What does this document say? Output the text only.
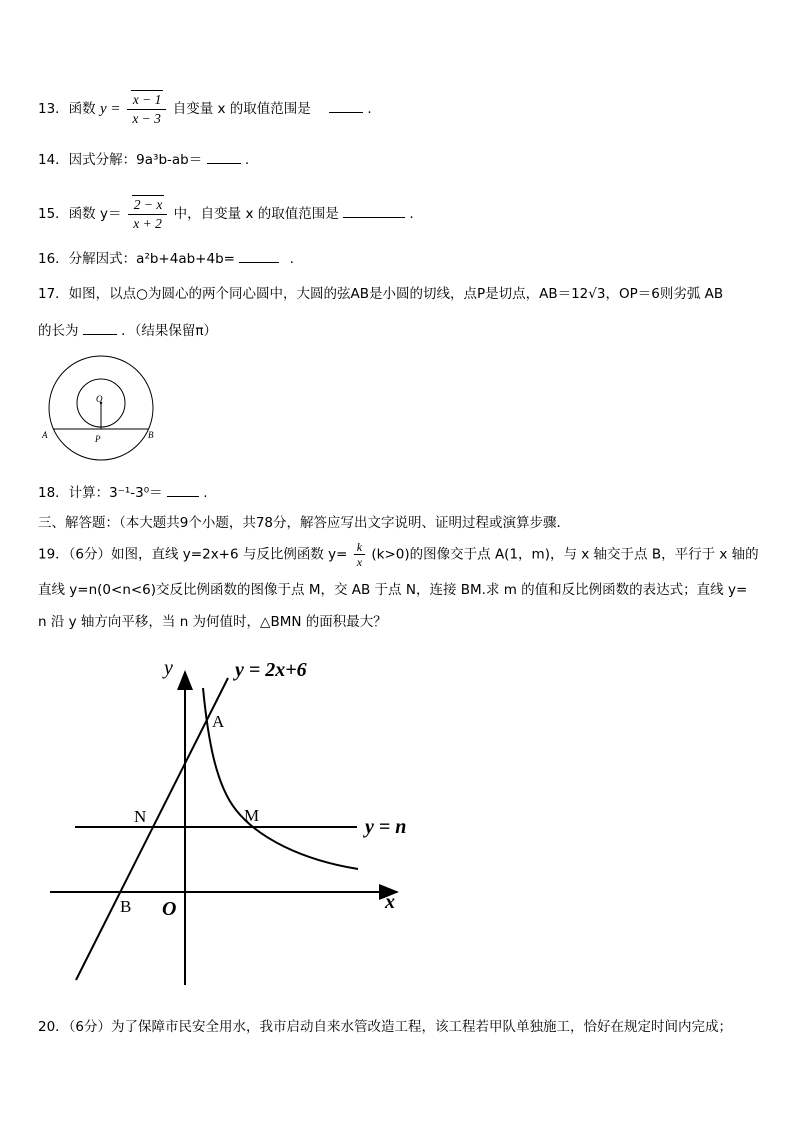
13．函数 $y = \frac{x - 1}{x - 3}$ 自变量 x 的取值范围是	.
14．因式分解：9a³b-ab＝	.
15．函数 $y= \frac{2 - x}{x + 2}$ 中，自变量 x 的取值范围是	.
16．分解因式：a²b+4ab+4b=	.
17．如图，以点○为圆心的两个同心圆中，大圆的弦AB是小圆的切线，点P是切点，AB＝12√3，OP＝6则劣弧 AB
的长为	．（结果保留π）
O
A	P	B
18．计算：3⁻¹-3⁰＝	.
三、解答题：（本大题共9个小题，共78分，解答应写出文字说明、证明过程或演算步骤．
19．（6分）如图，直线 y=2x+6 与反比例函数 $y= \frac{k}{x} (k>0)$的图像交于点 A(1，m)，与 x 轴交于点 B，平行于 x 轴的
直线 y=n(0<n<6)交反比例函数的图像于点 M，交 AB 于点 N，连接 BM.求 m 的值和反比例函数的表达式；直线 y=
n 沿 y 轴方向平移，当 n 为何值时，△BMN 的面积最大？
y	y = 2x+6
A
N	M
y = n
B O	x
20．（6分）为了保障市民安全用水，我市启动自来水管改造工程，该工程若甲队单独施工，恰好在规定时间内完成；
